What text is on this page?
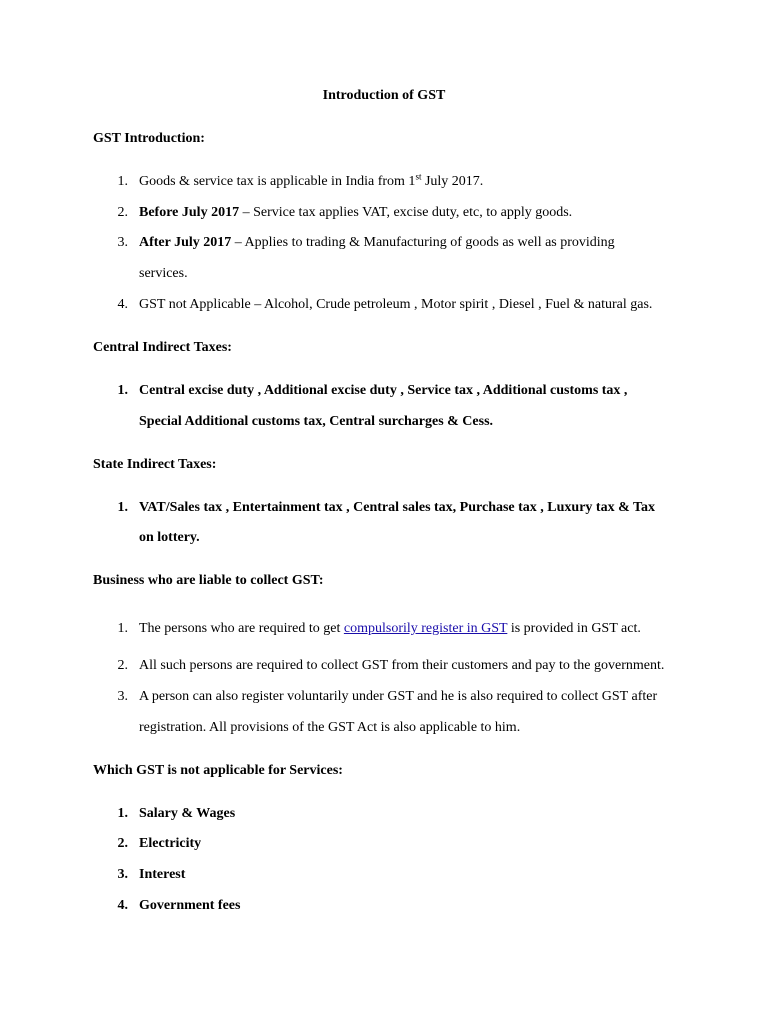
Introduction of GST
GST Introduction:
1. Goods & service tax is applicable in India from 1st July 2017.
2. Before July 2017 – Service tax applies VAT, excise duty, etc, to apply goods.
3. After July 2017 – Applies to trading & Manufacturing of goods as well as providing
services.
4. GST not Applicable – Alcohol, Crude petroleum , Motor spirit , Diesel , Fuel & natural gas.
Central Indirect Taxes:
1. Central excise duty , Additional excise duty , Service tax , Additional customs tax ,
Special Additional customs tax, Central surcharges & Cess.
State Indirect Taxes:
1. VAT/Sales tax , Entertainment tax , Central sales tax, Purchase tax , Luxury tax & Tax
on lottery.
Business who are liable to collect GST:
1. The persons who are required to get compulsorily register in GST is provided in GST act.
2. All such persons are required to collect GST from their customers and pay to the government.
3. A person can also register voluntarily under GST and he is also required to collect GST after
registration. All provisions of the GST Act is also applicable to him.
Which GST is not applicable for Services:
1. Salary & Wages
2. Electricity
3. Interest
4. Government fees
